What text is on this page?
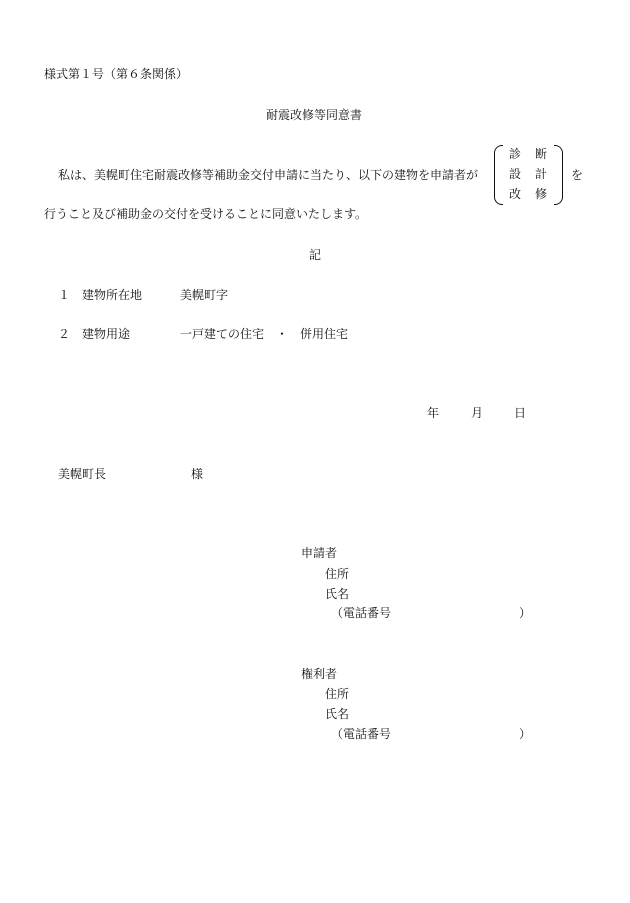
様式第１号（第６条関係）
耐震改修等同意書
私は、美幌町住宅耐震改修等補助金交付申請に当たり、以下の建物を申請者が
診断
設計
改修
を
行うこと及び補助金の交付を受けることに同意いたします。
記
１ 建物所在地	美幌町字
２ 建物用途	一戸建ての住宅　・　併用住宅
年	月	日
美幌町長	様
申請者
住所
氏名
（電話番号	）
権利者
住所
氏名
（電話番号	）
